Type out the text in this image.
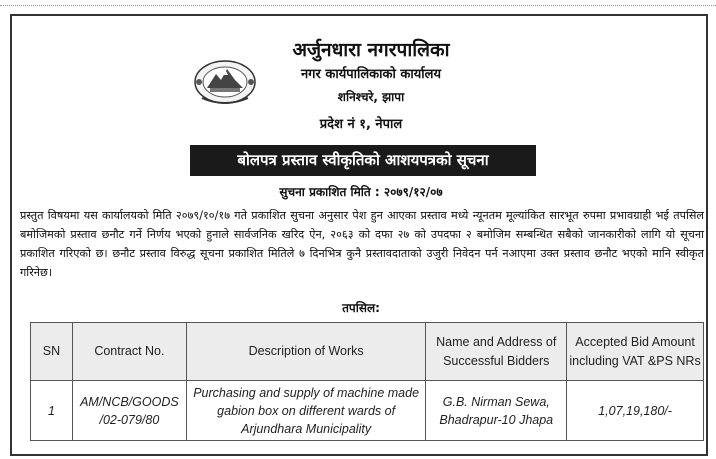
अर्जुनधारा नगरपालिका
नगर कार्यपालिकाको कार्यालय
शनिश्चरे, झापा
प्रदेश नं १, नेपाल
बोलपत्र प्रस्ताव स्वीकृतिको आशयपत्रको सूचना
सुचना प्रकाशित मिति : २०७९/१२/०७

प्रस्तुत विषयमा यस कार्यालयको मिति २०७९/१०/१७ गते प्रकाशित सुचना अनुसार पेश हुन आएका प्रस्ताव मध्ये न्यूनतम मूल्यांकित सारभूत रुपमा प्रभावग्राही भई तपसिल बमोजिमको प्रस्ताव छनौट गर्ने निर्णय भएको हुनाले सार्वजनिक खरिद ऐन, २०६३ को दफा २७ को उपदफा २ बमोजिम सम्बन्धित सबैको जानकारीको लागि यो सूचना प्रकाशित गरिएको छ। छनौट प्रस्ताव विरुद्ध सूचना प्रकाशित मितिले ७ दिनभित्र कुनै प्रस्तावदाताको उजुरी निवेदन पर्न नआएमा उक्त प्रस्ताव छनौट भएको मानि स्वीकृत गरिनेछ।

तपसिल:
SN	Contract No.	Description of Works	Name and Address of Successful Bidders	Accepted Bid Amount including VAT &PS NRs
1	AM/NCB/GOODS /02-079/80	Purchasing and supply of machine made gabion box on different wards of Arjundhara Municipality	G.B. Nirman Sewa, Bhadrapur-10 Jhapa	1,07,19,180/-
